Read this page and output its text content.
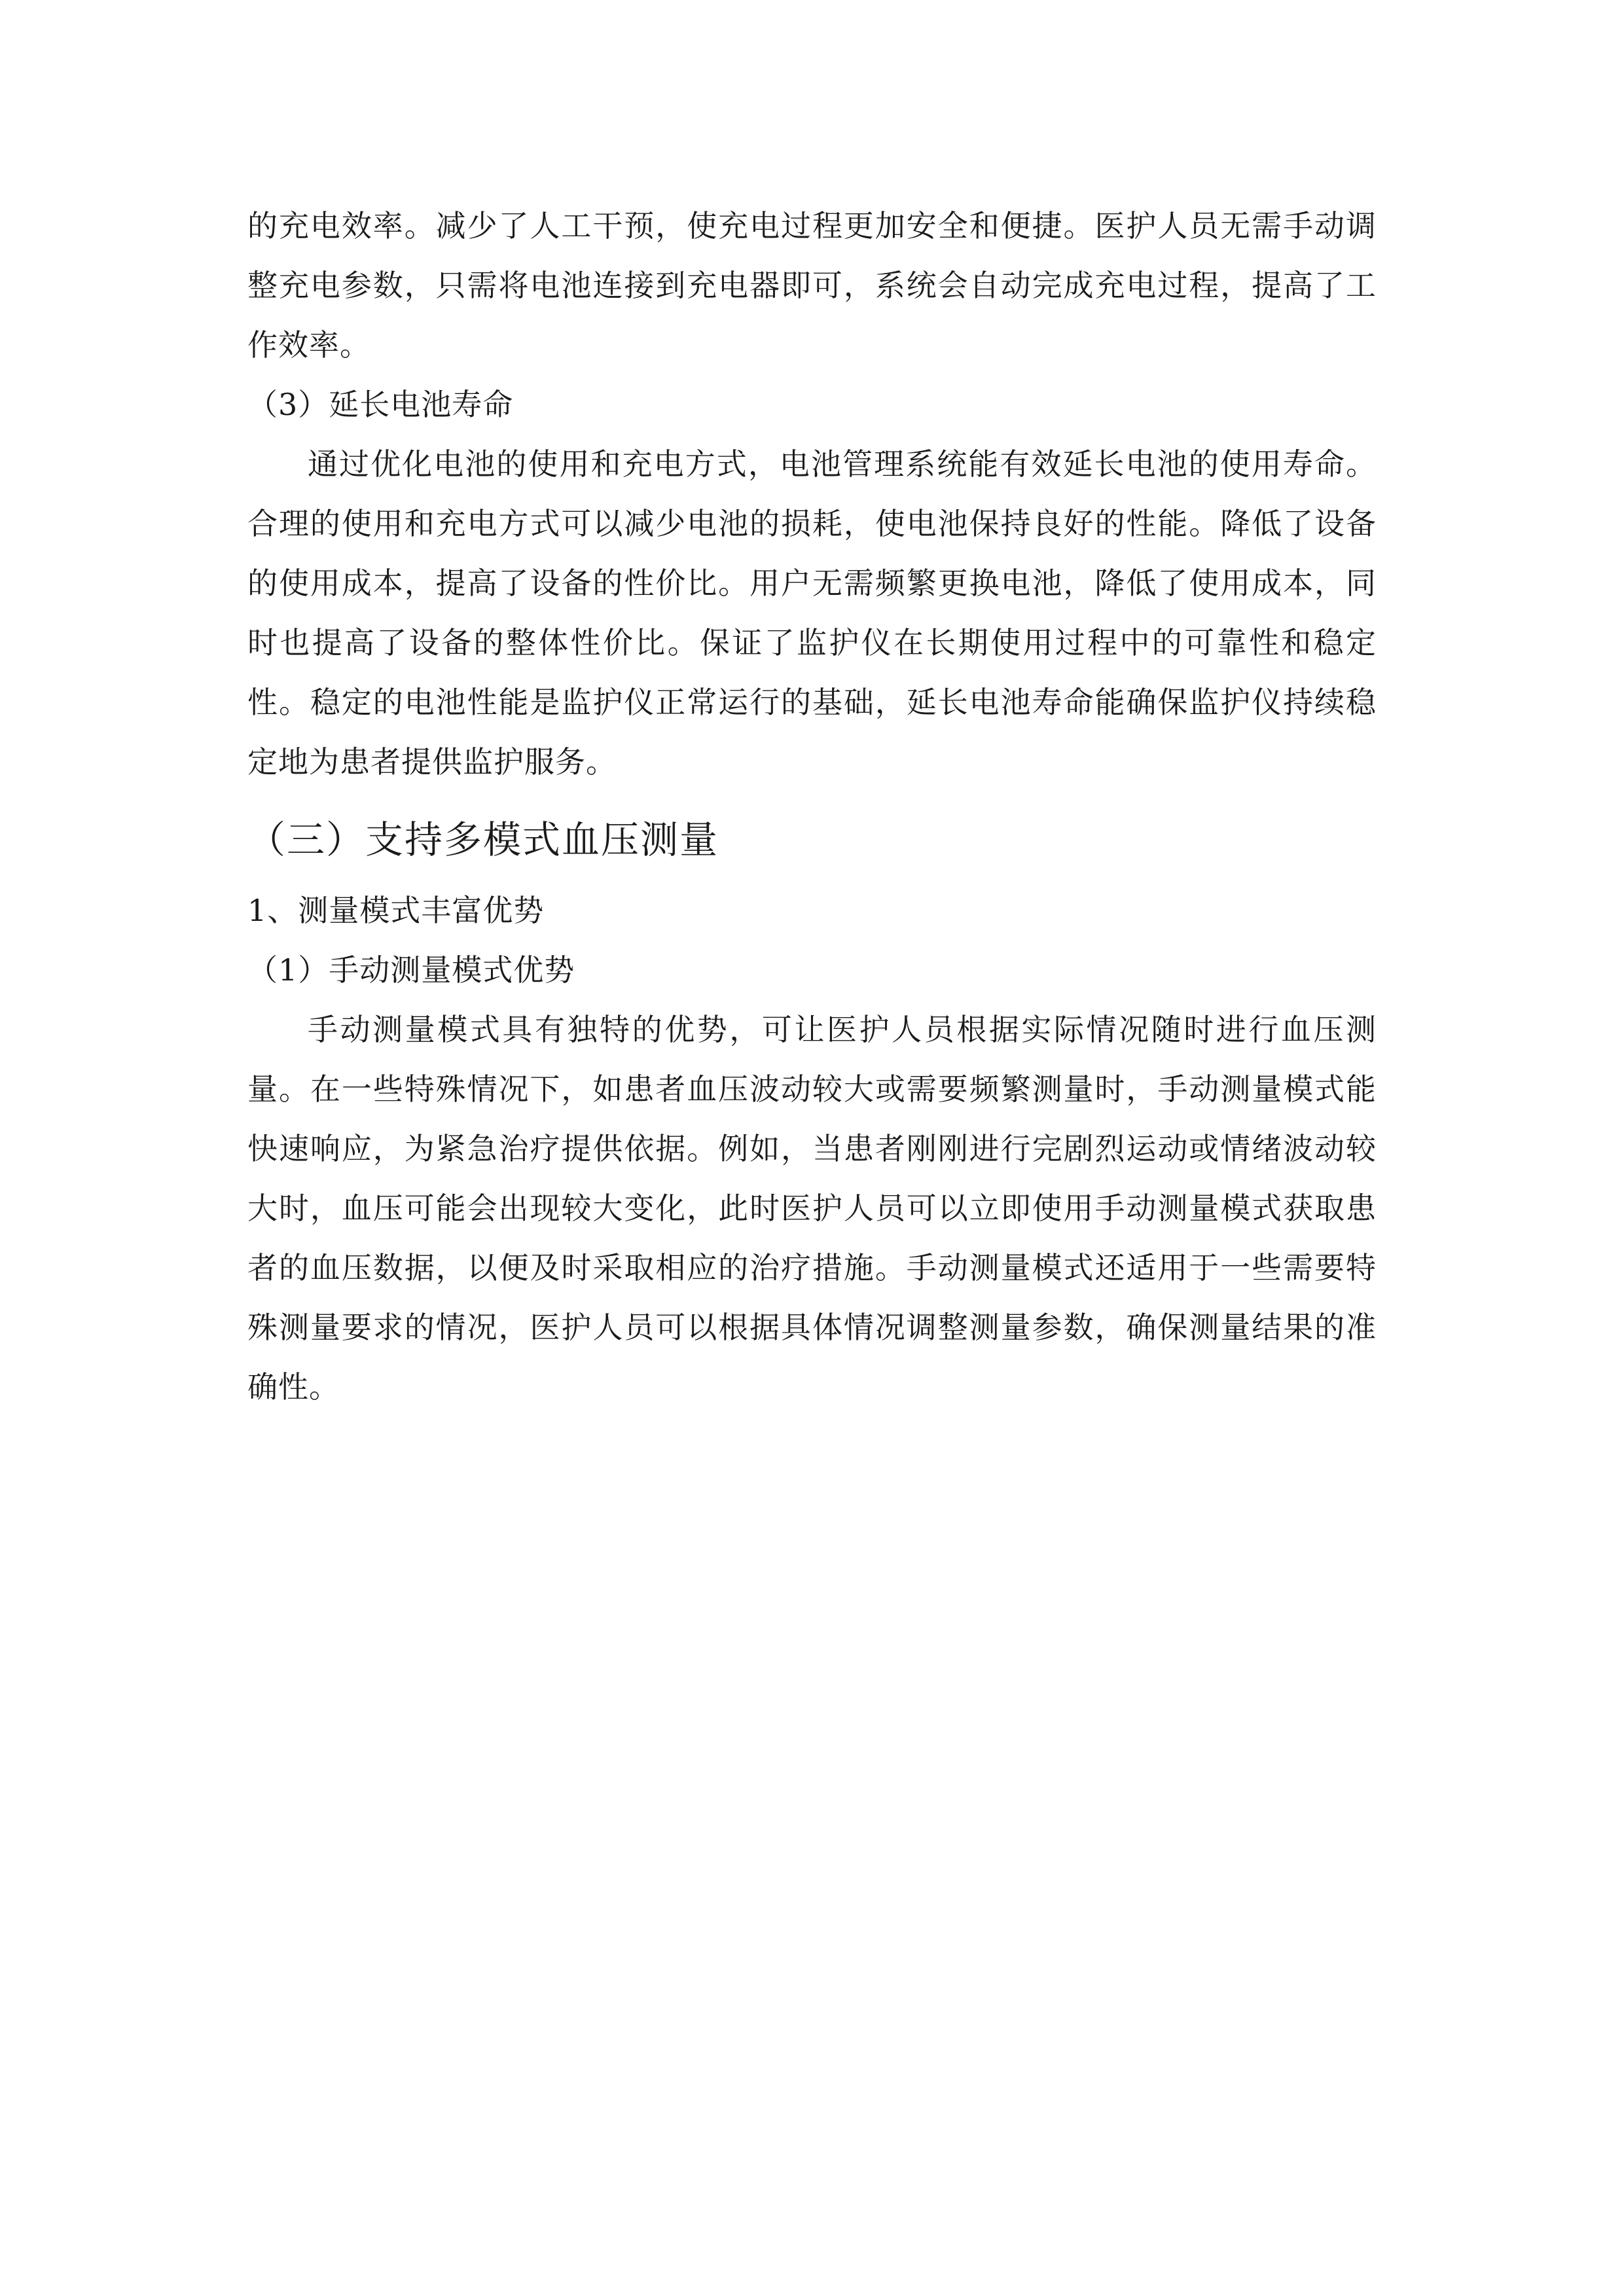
的充电效率。减少了人工干预，使充电过程更加安全和便捷。医护人员无需手动调整充电参数，只需将电池连接到充电器即可，系统会自动完成充电过程，提高了工作效率。

（3）延长电池寿命

通过优化电池的使用和充电方式，电池管理系统能有效延长电池的使用寿命。合理的使用和充电方式可以减少电池的损耗，使电池保持良好的性能。降低了设备的使用成本，提高了设备的性价比。用户无需频繁更换电池，降低了使用成本，同时也提高了设备的整体性价比。保证了监护仪在长期使用过程中的可靠性和稳定性。稳定的电池性能是监护仪正常运行的基础，延长电池寿命能确保监护仪持续稳定地为患者提供监护服务。

（三）支持多模式血压测量

1、测量模式丰富优势

（1）手动测量模式优势

手动测量模式具有独特的优势，可让医护人员根据实际情况随时进行血压测量。在一些特殊情况下，如患者血压波动较大或需要频繁测量时，手动测量模式能快速响应，为紧急治疗提供依据。例如，当患者刚刚进行完剧烈运动或情绪波动较大时，血压可能会出现较大变化，此时医护人员可以立即使用手动测量模式获取患者的血压数据，以便及时采取相应的治疗措施。手动测量模式还适用于一些需要特殊测量要求的情况，医护人员可以根据具体情况调整测量参数，确保测量结果的准确性。
